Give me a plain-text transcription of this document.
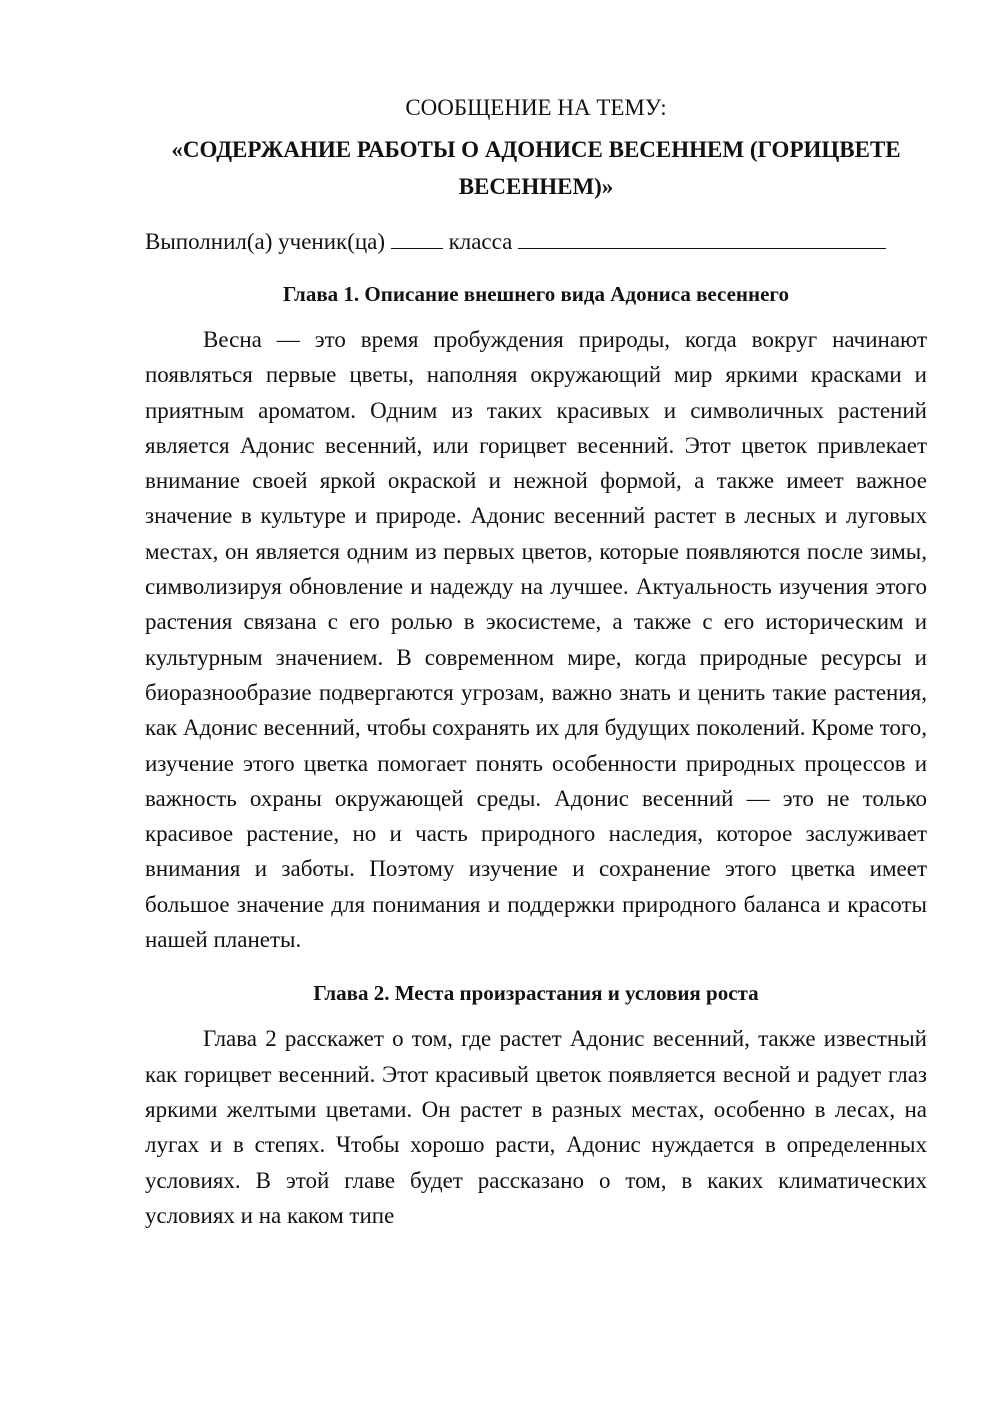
СООБЩЕНИЕ НА ТЕМУ:

«СОДЕРЖАНИЕ РАБОТЫ О АДОНИСЕ ВЕСЕННЕМ (ГОРИЦВЕТЕ ВЕСЕННЕМ)»

Выполнил(а) ученик(ца)	класса

Глава 1. Описание внешнего вида Адониса весеннего

Весна — это время пробуждения природы, когда вокруг начинают появляться первые цветы, наполняя окружающий мир яркими красками и приятным ароматом. Одним из таких красивых и символичных растений является Адонис весенний, или горицвет весенний. Этот цветок привлекает внимание своей яркой окраской и нежной формой, а также имеет важное значение в культуре и природе. Адонис весенний растет в лесных и луговых местах, он является одним из первых цветов, которые появляются после зимы, символизируя обновление и надежду на лучшее. Актуальность изучения этого растения связана с его ролью в экосистеме, а также с его историческим и культурным значением. В современном мире, когда природные ресурсы и биоразнообразие подвергаются угрозам, важно знать и ценить такие растения, как Адонис весенний, чтобы сохранять их для будущих поколений. Кроме того, изучение этого цветка помогает понять особенности природных процессов и важность охраны окружающей среды. Адонис весенний — это не только красивое растение, но и часть природного наследия, которое заслуживает внимания и заботы. Поэтому изучение и сохранение этого цветка имеет большое значение для понимания и поддержки природного баланса и красоты нашей планеты.

Глава 2. Места произрастания и условия роста

Глава 2 расскажет о том, где растет Адонис весенний, также известный как горицвет весенний. Этот красивый цветок появляется весной и радует глаз яркими желтыми цветами. Он растет в разных местах, особенно в лесах, на лугах и в степях. Чтобы хорошо расти, Адонис нуждается в определенных условиях. В этой главе будет рассказано о том, в каких климатических условиях и на каком типе
